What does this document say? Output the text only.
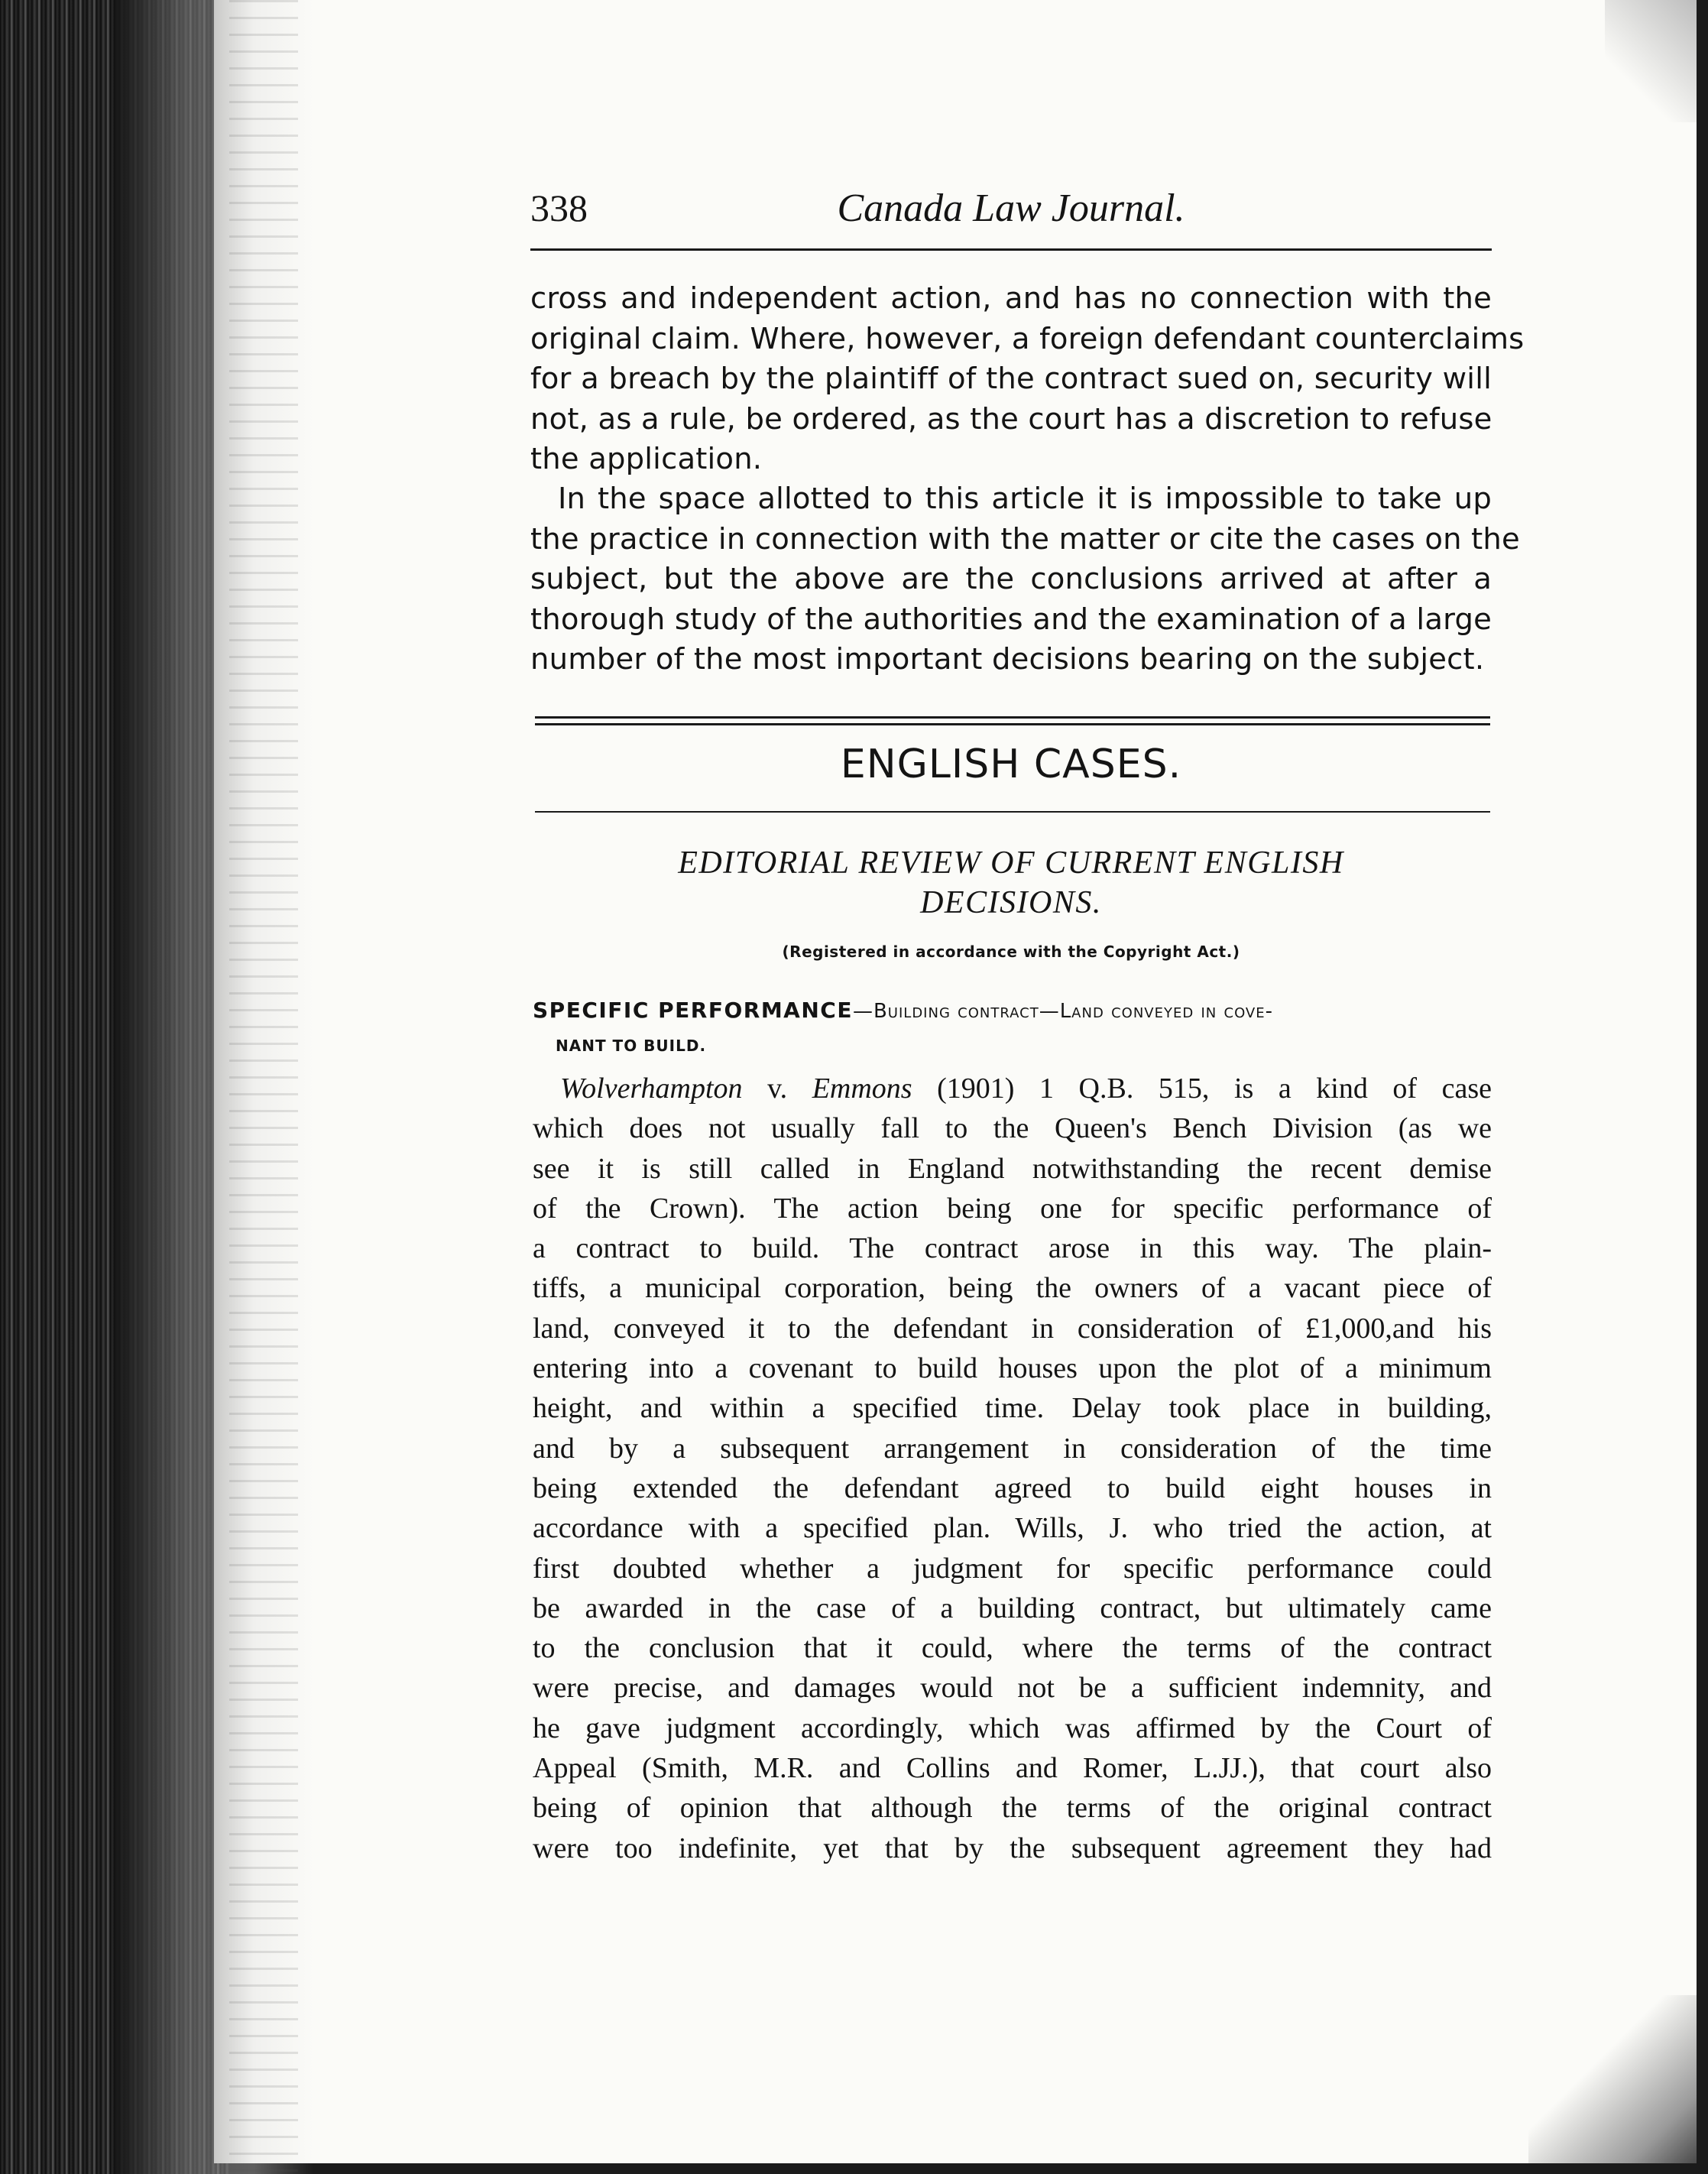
338	Canada Law Journal.
cross and independent action, and has no connection with the
original claim. Where, however, a foreign defendant counterclaims
for a breach by the plaintiff of the contract sued on, security will
not, as a rule, be ordered, as the court has a discretion to refuse
the application.
In the space allotted to this article it is impossible to take up
the practice in connection with the matter or cite the cases on the
subject, but the above are the conclusions arrived at after a
thorough study of the authorities and the examination of a large
number of the most important decisions bearing on the subject.
ENGLISH CASES.
EDITORIAL REVIEW OF CURRENT ENGLISH
DECISIONS.
(Registered in accordance with the Copyright Act.)
SPECIFIC PERFORMANCE—Building contract—Land conveyed in cove-
NANT TO BUILD.
Wolverhampton v. Emmons (1901) 1 Q.B. 515, is a kind of case
which does not usually fall to the Queen's Bench Division (as we
see it is still called in England notwithstanding the recent demise
of the Crown). The action being one for specific performance of
a contract to build. The contract arose in this way. The plain-
tiffs, a municipal corporation, being the owners of a vacant piece of
land, conveyed it to the defendant in consideration of £1,000,and his
entering into a covenant to build houses upon the plot of a minimum
height, and within a specified time. Delay took place in building,
and by a subsequent arrangement in consideration of the time
being extended the defendant agreed to build eight houses in
accordance with a specified plan. Wills, J. who tried the action, at
first doubted whether a judgment for specific performance could
be awarded in the case of a building contract, but ultimately came
to the conclusion that it could, where the terms of the contract
were precise, and damages would not be a sufficient indemnity, and
he gave judgment accordingly, which was affirmed by the Court of
Appeal (Smith, M.R. and Collins and Romer, L.JJ.), that court also
being of opinion that although the terms of the original contract
were too indefinite, yet that by the subsequent agreement they had
